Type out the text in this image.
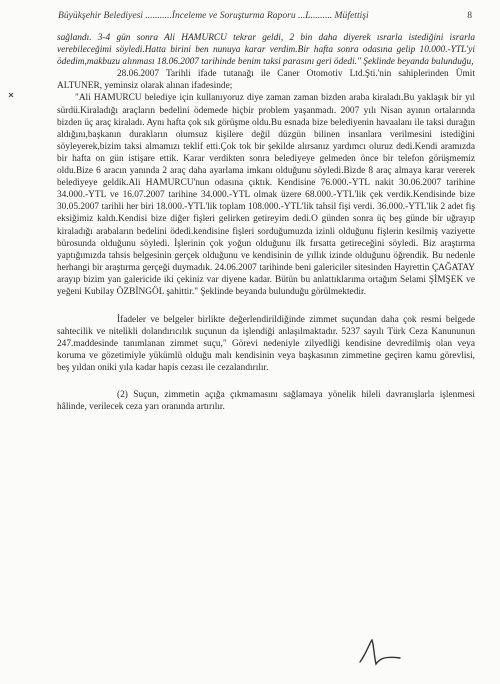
Büyükşehir Belediyesi ...........İnceleme ve Soruşturma Raporu ...L......... Müfettişi	8

sağlandı. 3-4 gün sonra Ali HAMURCU tekrar geldi, 2 bin daha diyerek ısrarla istediğini israrla verebileceğimi söyledi.Hatta birini ben nunuya karar verdim.Bir hafta sonra odasına gelip 10.000.-YTL'yi ödedim,makbuzu alınması 18.06.2007 tarihinde benim taksi parasını geri ödedi." Şeklinde beyanda bulunduğu,

28.06.2007 Tarihli ifade tutanağı ile Caner Otomotiv Ltd.Şti.'nin sahiplerinden Ümit ALTUNER, yeminsiz olarak alınan ifadesinde;

"Ali HAMURCU belediye için kullanıyoruz diye zaman zaman bizden araba kiraladı.Bu yaklaşık bir yıl sürdü.Kiraladığı araçların bedelini ödemede hiçbir problem yaşanmadı. 2007 yılı Nisan ayının ortalarında bizden üç araç kiraladı. Aynı hafta çok sık görüşme oldu.Bu esnada bize belediyenin havaalanı ile taksi durağın aldığını,başkanın durakların olumsuz kişilere değil düzgün bilinen insanlara verilmesini istediğini söyleyerek,bizim taksi almamızı teklif etti.Çok tok bir şekilde alırsanız yardımcı oluruz dedi.Kendi aramızda bir hafta on gün istişare ettik. Karar verdikten sonra belediyeye gelmeden önce bir telefon görüşmemiz oldu.Bize 6 aracın yanında 2 araç daha ayarlama imkanı olduğunu söyledi.Bizde 8 araç almaya karar vererek belediyeye geldik.Ali HAMURCU'nun odasına çıktık. Kendisine 76.000.-YTL nakit 30.06.2007 tarihine 34.000.-YTL ve 16.07.2007 tarihine 34.000.-YTL olmak üzere 68.000.-YTL'lik çek verdik.Kendisinde bize 30.05.2007 tarihli her biri 18.000.-YTL'lik toplam 108.000.-YTL'lik tahsil fişi verdi. 36.000.-YTL'lik 2 adet fiş eksiğimiz kaldı.Kendisi bize diğer fişleri gelirken getireyim dedi.O günden sonra üç beş günde bir uğrayıp kiraladığı arabaların bedelini ödedi.kendisine fişleri sorduğumuzda izinli olduğunu fişlerin kesilmiş vaziyette bürosunda olduğunu söyledi. İşlerinin çok yoğun olduğunu ilk fırsatta getireceğini söyledi. Biz araştırma yaptığımızda tahsis belgesinin gerçek olduğunu ve kendisinin de yıllık izinde olduğunu öğrendik. Bu nedenle herhangi bir araştırma gerçeği duymadık. 24.06.2007 tarihinde beni galericiler sitesinden Hayrettin ÇAĞATAY arayıp bizim yan galericide iki çekiniz var diyene kadar. Bütün bu anlattıklarıma ortağım Selami ŞİMŞEK ve yeğeni Kubilay ÖZBİNGÖL şahittir." Şeklinde beyanda bulunduğu görülmektedir.

İfadeler ve belgeler birlikte değerlendirildiğinde zimmet suçundan daha çok resmi belgede sahtecilik ve nitelikli dolandırıcılık suçunun da işlendiği anlaşılmaktadır. 5237 sayılı Türk Ceza Kanununun 247.maddesinde tanımlanan zimmet suçu," Görevi nedeniyle zilyedliği kendisine devredilmiş olan veya koruma ve gözetimiyle yükümlü olduğu malı kendisinin veya başkasının zimmetine geçiren kamu görevlisi, beş yıldan oniki yıla kadar hapis cezası ile cezalandırılır.

(2) Suçun, zimmetin açığa çıkmamasını sağlamaya yönelik hileli davranışlarla işlenmesi hâlinde, verilecek ceza yarı oranında artırılır.
